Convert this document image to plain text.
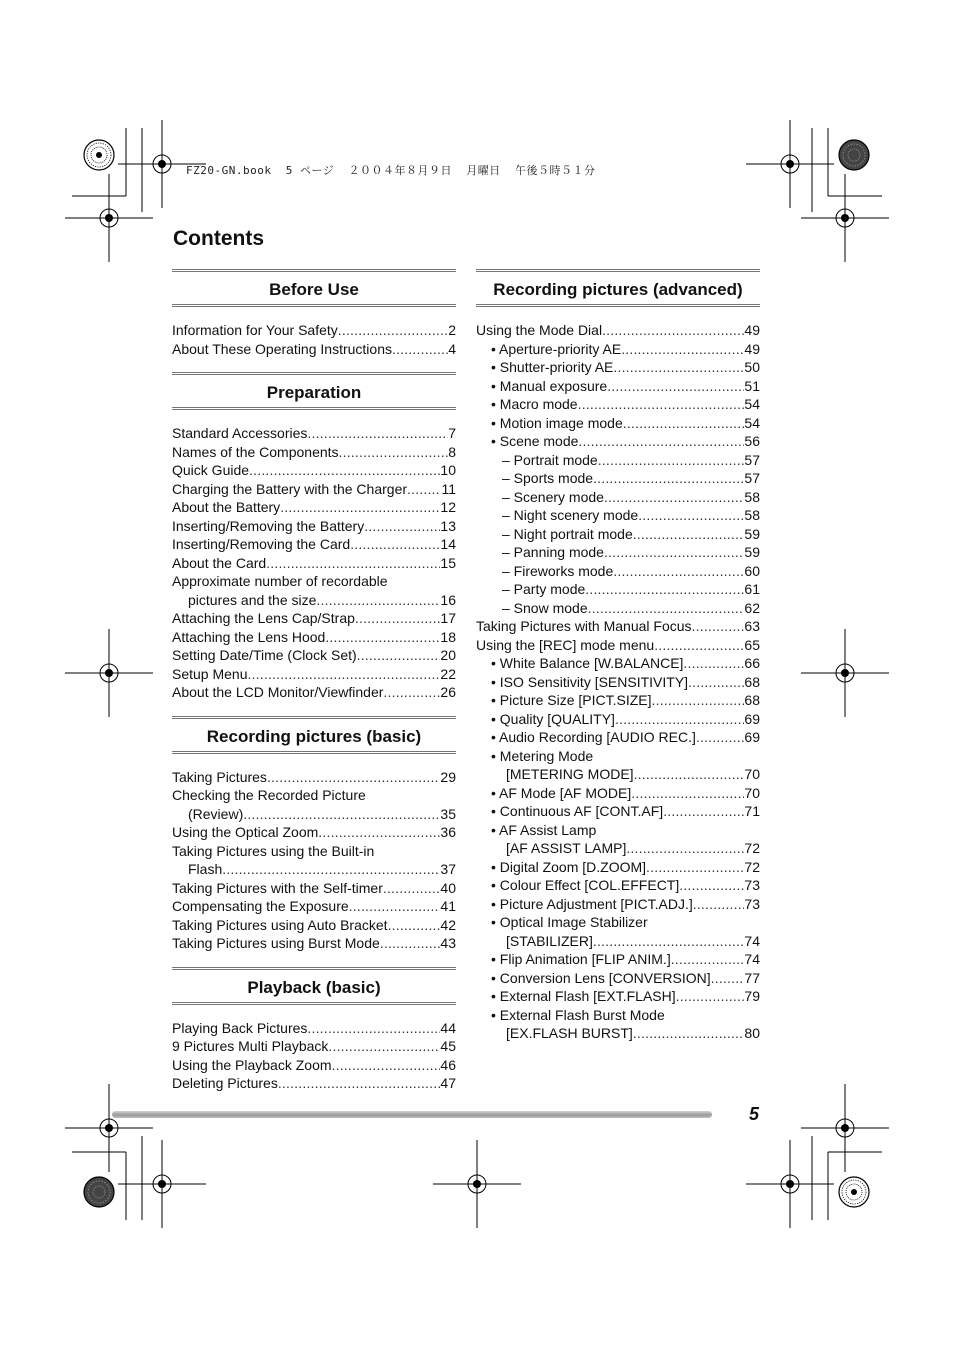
FZ20-GN.book  5 ページ  ２００４年８月９日  月曜日  午後５時５１分
Contents
Before Use
Information for Your Safety .....	2
About These Operating Instructions .....	4
Preparation
Standard Accessories .....	7
Names of the Components .....	8
Quick Guide .....	10
Charging the Battery with the Charger ..... 11
About the Battery .....	12
Inserting/Removing the Battery .....	13
Inserting/Removing the Card .....	14
About the Card .....	15
Approximate number of recordable
pictures and the size .....	16
Attaching the Lens Cap/Strap .....	17
Attaching the Lens Hood .....	18
Setting Date/Time (Clock Set) .....	20
Setup Menu .....	22
About the LCD Monitor/Viewfinder .....	26
Recording pictures (basic)
Taking Pictures .....	29
Checking the Recorded Picture
(Review) .....	35
Using the Optical Zoom .....	36
Taking Pictures using the Built-in
Flash .....	37
Taking Pictures with the Self-timer .....	40
Compensating the Exposure .....	41
Taking Pictures using Auto Bracket .....	42
Taking Pictures using Burst Mode .....	43
Playback (basic)
Playing Back Pictures .....	44
9 Pictures Multi Playback .....	45
Using the Playback Zoom .....	46
Deleting Pictures .....	47
Recording pictures (advanced)
Using the Mode Dial .....	49
• Aperture-priority AE .....	49
• Shutter-priority AE .....	50
• Manual exposure .....	51
• Macro mode .....	54
• Motion image mode .....	54
• Scene mode .....	56
– Portrait mode .....	57
– Sports mode .....	57
– Scenery mode .....	58
– Night scenery mode .....	58
– Night portrait mode .....	59
– Panning mode .....	59
– Fireworks mode .....	60
– Party mode .....	61
– Snow mode .....	62
Taking Pictures with Manual Focus .....	63
Using the [REC] mode menu .....	65
• White Balance [W.BALANCE] .....	66
• ISO Sensitivity [SENSITIVITY] .....	68
• Picture Size [PICT.SIZE] .....	68
• Quality [QUALITY] .....	69
• Audio Recording [AUDIO REC.] .....	69
• Metering Mode
[METERING MODE] .....	70
• AF Mode [AF MODE] .....	70
• Continuous AF [CONT.AF] .....	71
• AF Assist Lamp
[AF ASSIST LAMP] .....	72
• Digital Zoom [D.ZOOM] .....	72
• Colour Effect [COL.EFFECT] .....	73
• Picture Adjustment [PICT.ADJ.] .....	73
• Optical Image Stabilizer
[STABILIZER] .....	74
• Flip Animation [FLIP ANIM.] .....	74
• Conversion Lens [CONVERSION] ..... 77
• External Flash [EXT.FLASH] .....	79
• External Flash Burst Mode
[EX.FLASH BURST] .....	80
5
